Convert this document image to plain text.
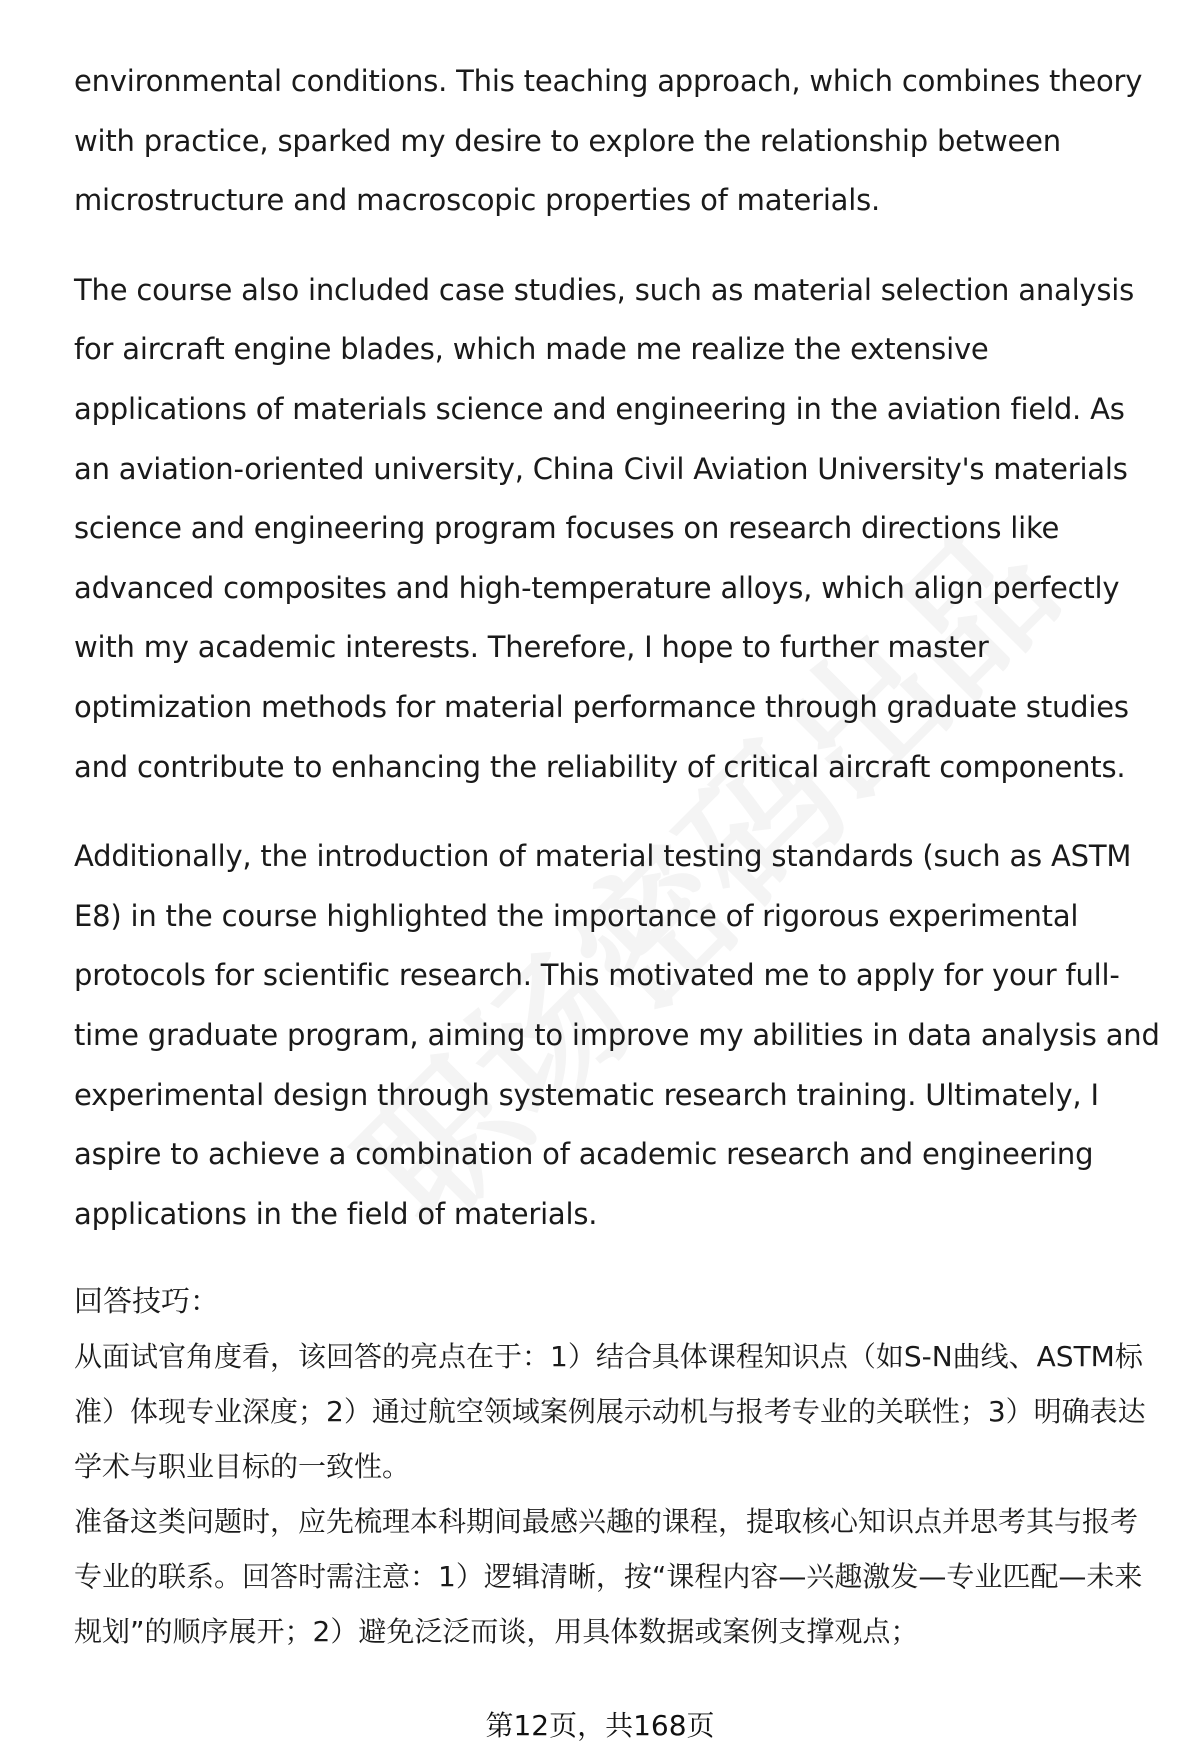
environmental conditions. This teaching approach, which combines theory with practice, sparked my desire to explore the relationship between microstructure and macroscopic properties of materials.

The course also included case studies, such as material selection analysis for aircraft engine blades, which made me realize the extensive applications of materials science and engineering in the aviation field. As an aviation-oriented university, China Civil Aviation University's materials science and engineering program focuses on research directions like advanced composites and high-temperature alloys, which align perfectly with my academic interests. Therefore, I hope to further master optimization methods for material performance through graduate studies and contribute to enhancing the reliability of critical aircraft components.

Additionally, the introduction of material testing standards (such as ASTM E8) in the course highlighted the importance of rigorous experimental protocols for scientific research. This motivated me to apply for your full-time graduate program, aiming to improve my abilities in data analysis and experimental design through systematic research training. Ultimately, I aspire to achieve a combination of academic research and engineering applications in the field of materials.

回答技巧：

从面试官角度看，该回答的亮点在于：1）结合具体课程知识点（如S-N曲线、ASTM标准）体现专业深度；2）通过航空领域案例展示动机与报考专业的关联性；3）明确表达学术与职业目标的一致性。

准备这类问题时，应先梳理本科期间最感兴趣的课程，提取核心知识点并思考其与报考专业的联系。回答时需注意：1）逻辑清晰，按“课程内容—兴趣激发—专业匹配—未来规划”的顺序展开；2）避免泛泛而谈，用具体数据或案例支撑观点；

第12页，共168页
